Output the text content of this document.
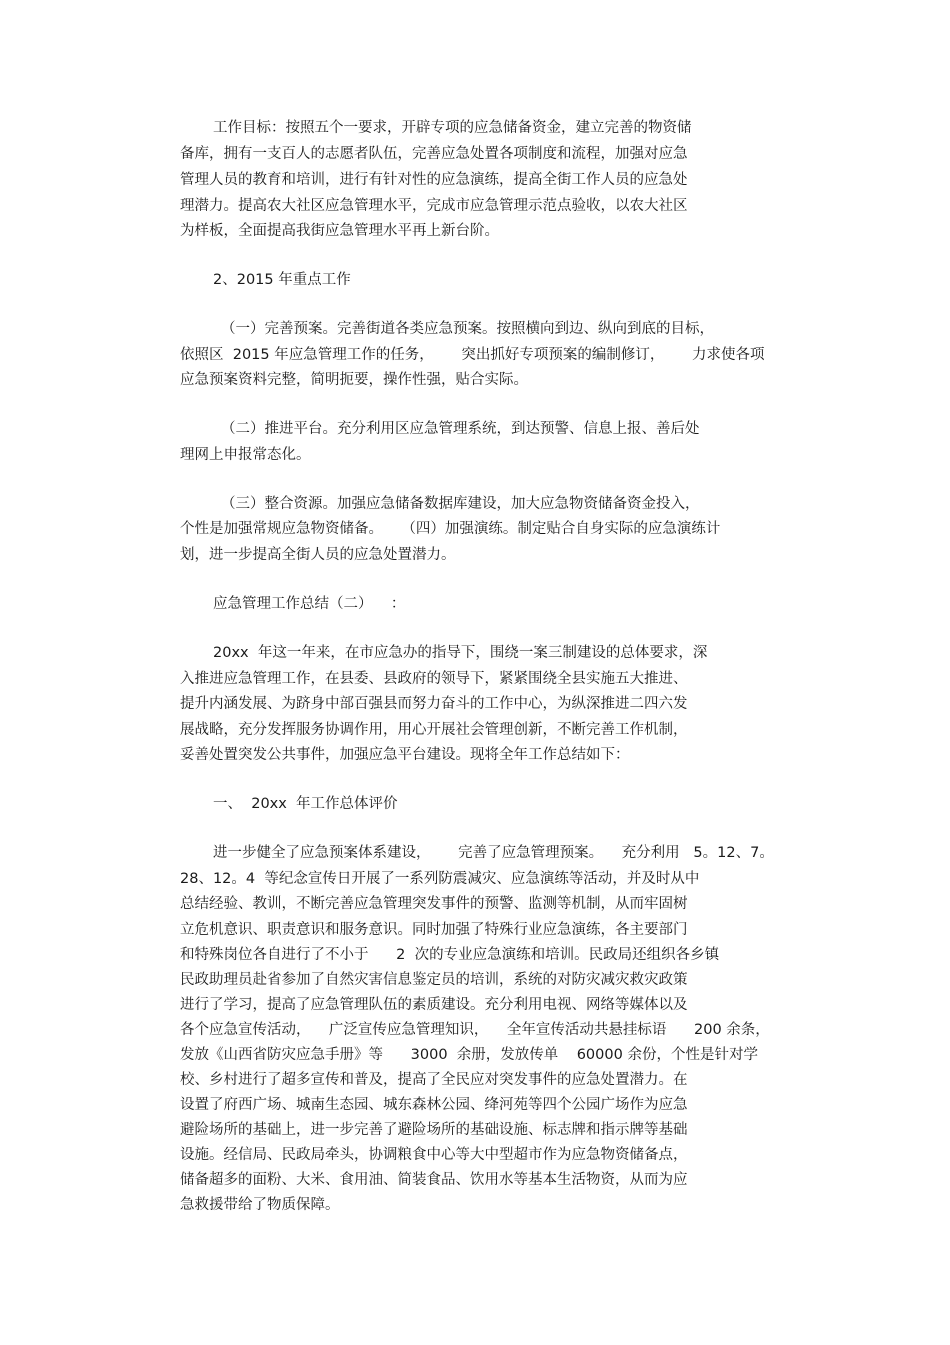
工作目标：按照五个一要求，开辟专项的应急储备资金，建立完善的物资储
备库，拥有一支百人的志愿者队伍，完善应急处置各项制度和流程，加强对应急
管理人员的教育和培训，进行有针对性的应急演练，提高全街工作人员的应急处
理潜力。提高农大社区应急管理水平，完成市应急管理示范点验收，以农大社区
为样板，全面提高我街应急管理水平再上新台阶。
2、2015 年重点工作
（一）完善预案。完善街道各类应急预案。按照横向到边、纵向到底的目标，
依照区  2015 年应急管理工作的任务，      突出抓好专项预案的编制修订，      力求使各项
应急预案资料完整，简明扼要，操作性强，贴合实际。
（二）推进平台。充分利用区应急管理系统，到达预警、信息上报、善后处
理网上申报常态化。
（三）整合资源。加强应急储备数据库建设，加大应急物资储备资金投入，
个性是加强常规应急物资储备。    （四）加强演练。制定贴合自身实际的应急演练计
划，进一步提高全街人员的应急处置潜力。
应急管理工作总结（二）    ：
20xx  年这一年来，在市应急办的指导下，围绕一案三制建设的总体要求，深
入推进应急管理工作，在县委、县政府的领导下，紧紧围绕全县实施五大推进、
提升内涵发展、为跻身中部百强县而努力奋斗的工作中心，为纵深推进二四六发
展战略，充分发挥服务协调作用，用心开展社会管理创新，不断完善工作机制，
妥善处置突发公共事件，加强应急平台建设。现将全年工作总结如下：
一、  20xx  年工作总体评价
进一步健全了应急预案体系建设，      完善了应急管理预案。    充分利用   5。12、7。
28、12。4  等纪念宣传日开展了一系列防震减灾、应急演练等活动，并及时从中
总结经验、教训，不断完善应急管理突发事件的预警、监测等机制，从而牢固树
立危机意识、职责意识和服务意识。同时加强了特殊行业应急演练，各主要部门
和特殊岗位各自进行了不小于      2  次的专业应急演练和培训。民政局还组织各乡镇
民政助理员赴省参加了自然灾害信息鉴定员的培训，系统的对防灾减灾救灾政策
进行了学习，提高了应急管理队伍的素质建设。充分利用电视、网络等媒体以及
各个应急宣传活动，    广泛宣传应急管理知识，    全年宣传活动共悬挂标语      200 余条，
发放《山西省防灾应急手册》等      3000  余册，发放传单    60000 余份，个性是针对学
校、乡村进行了超多宣传和普及，提高了全民应对突发事件的应急处置潜力。在
设置了府西广场、城南生态园、城东森林公园、绛河苑等四个公园广场作为应急
避险场所的基础上，进一步完善了避险场所的基础设施、标志牌和指示牌等基础
设施。经信局、民政局牵头，协调粮食中心等大中型超市作为应急物资储备点，
储备超多的面粉、大米、食用油、简装食品、饮用水等基本生活物资，从而为应
急救援带给了物质保障。
